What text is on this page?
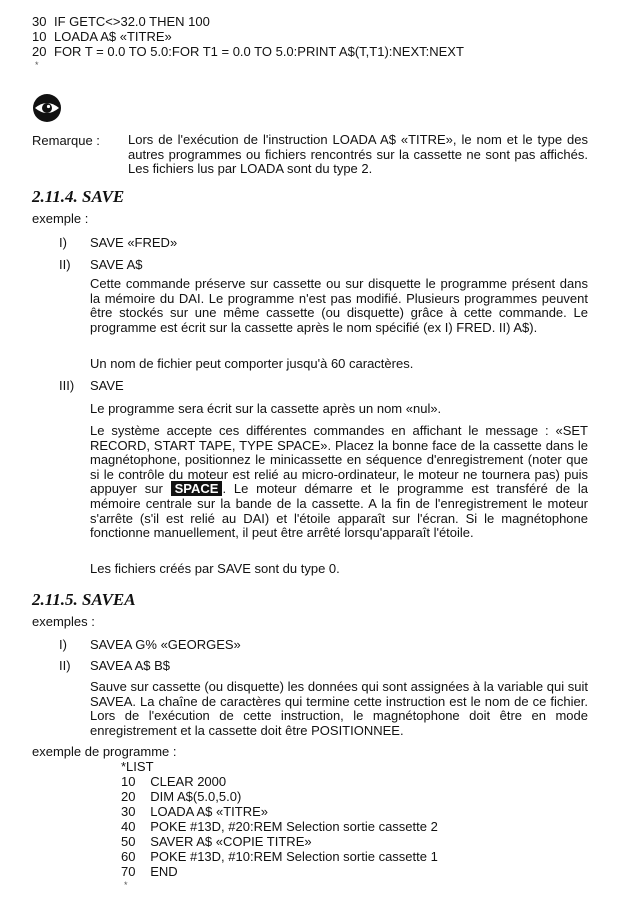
30 IF GETC<>32.0 THEN 100
10 LOADA A$ «TITRE»
20 FOR T = 0.0 TO 5.0:FOR T1 = 0.0 TO 5.0:PRINT A$(T,T1):NEXT:NEXT
*
Remarque : Lors de l'exécution de l'instruction LOADA A$ «TITRE», le nom et le type des autres programmes ou fichiers rencontrés sur la cassette ne sont pas affichés. Les fichiers lus par LOADA sont du type 2.
2.11.4. SAVE
exemple :
I)	SAVE «FRED»
II)	SAVE A$
Cette commande préserve sur cassette ou sur disquette le programme présent dans la mémoire du DAI. Le programme n'est pas modifié. Plusieurs programmes peuvent être stockés sur une même cassette (ou disquette) grâce à cette commande. Le programme est écrit sur la cassette après le nom spécifié (ex I) FRED. II) A$).
Un nom de fichier peut comporter jusqu'à 60 caractères.
III)	SAVE
Le programme sera écrit sur la cassette après un nom «nul».
Le système accepte ces différentes commandes en affichant le message : «SET RECORD, START TAPE, TYPE SPACE». Placez la bonne face de la cassette dans le magnétophone, positionnez le minicassette en séquence d'enregistrement (noter que si le contrôle du moteur est relié au micro-ordinateur, le moteur ne tournera pas) puis appuyer sur SPACE . Le moteur démarre et le programme est transféré de la mémoire centrale sur la bande de la cassette. A la fin de l'enregistrement le moteur s'arrête (s'il est relié au DAI) et l'étoile apparaît sur l'écran. Si le magnétophone fonctionne manuellement, il peut être arrêté lorsqu'apparaît l'étoile.
Les fichiers créés par SAVE sont du type 0.
2.11.5. SAVEA
exemples :
I)	SAVEA G% «GEORGES»
II)	SAVEA A$ B$
Sauve sur cassette (ou disquette) les données qui sont assignées à la variable qui suit SAVEA. La chaîne de caractères qui termine cette instruction est le nom de ce fichier. Lors de l'exécution de cette instruction, le magnétophone doit être en mode enregistrement et la cassette doit être POSITIONNEE.
exemple de programme :
*LIST
10 CLEAR 2000
20 DIM A$(5.0,5.0)
30 LOADA A$ «TITRE»
40 POKE #13D, #20:REM Selection sortie cassette 2
50 SAVER A$ «COPIE TITRE»
60 POKE #13D, #10:REM Selection sortie cassette 1
70 END
*
